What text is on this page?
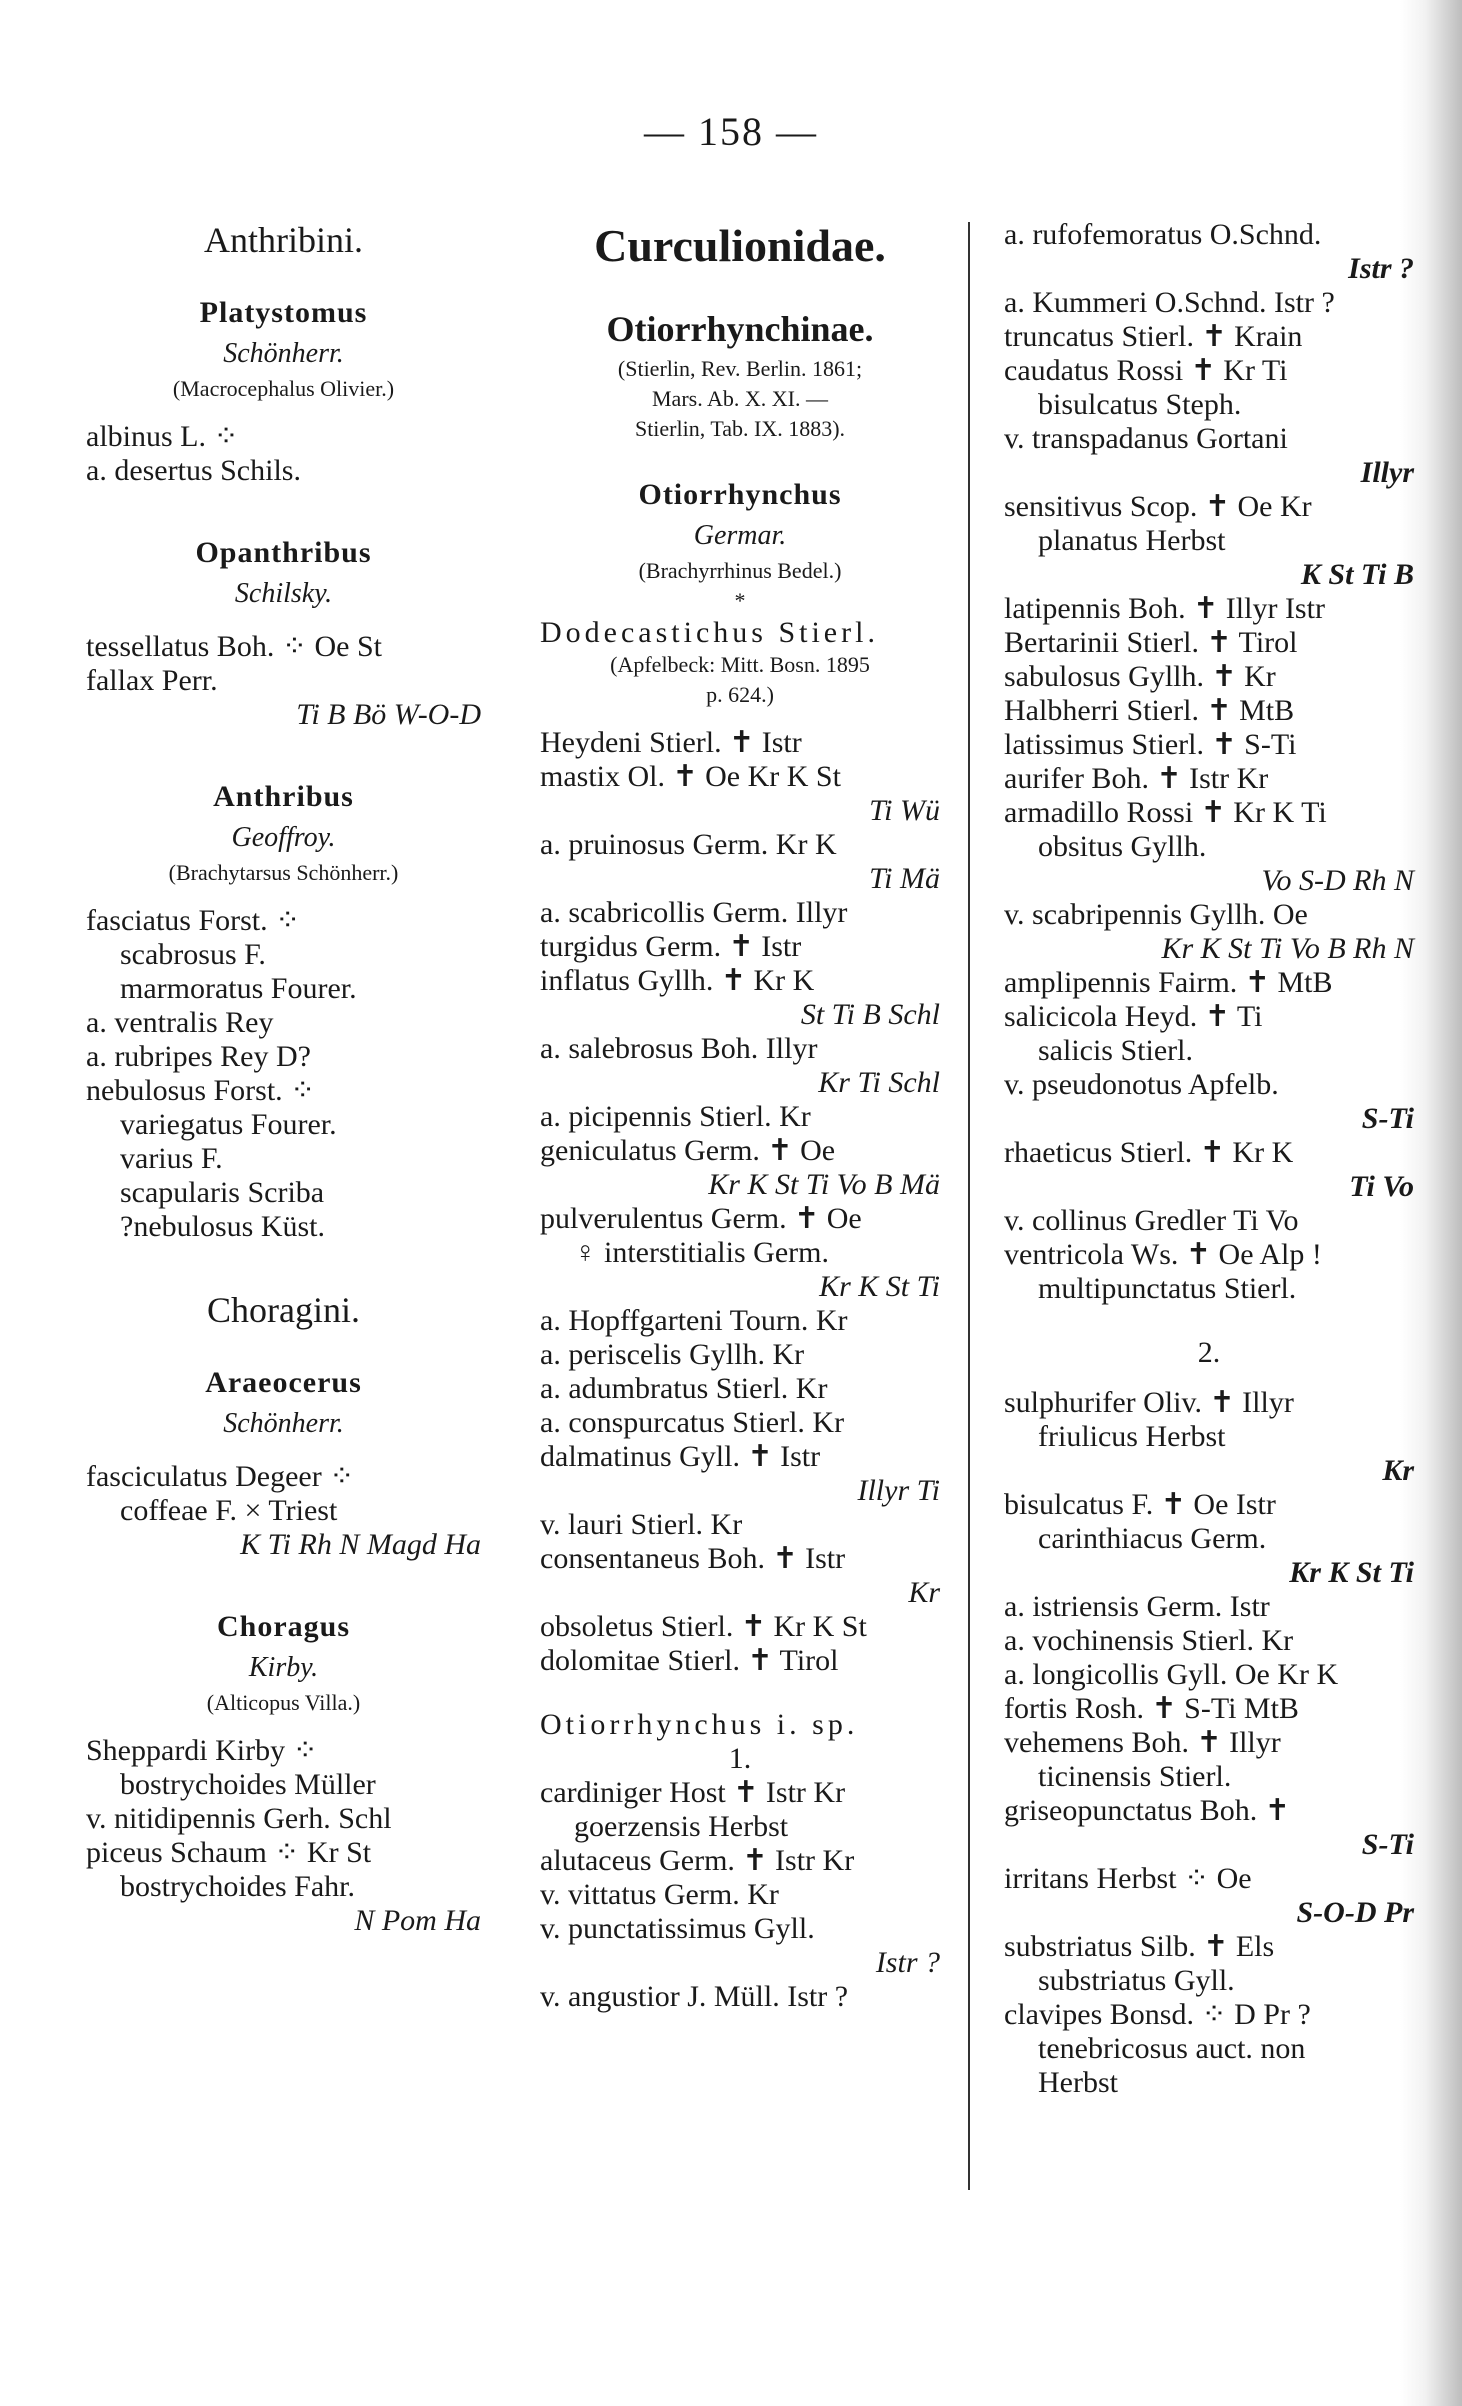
— 158 —
Anthribini.
Platystomus
Schönherr.
(Macrocephalus Olivier.)
albinus L. ⁘
a. desertus Schils.
Opanthribus
Schilsky.
tessellatus Boh. ⁘ Oe St
fallax Perr.
Ti B Bö W-O-D
Anthribus
Geoffroy.
(Brachytarsus Schönherr.)
fasciatus Forst. ⁘
scabrosus F.
marmoratus Fourer.
a. ventralis Rey
a. rubripes Rey D?
nebulosus Forst. ⁘
variegatus Fourer.
varius F.
scapularis Scriba
?nebulosus Küst.
Choragini.
Araeocerus
Schönherr.
fasciculatus Degeer ⁘
coffeae F. × Triest
K Ti Rh N Magd Ha
Choragus
Kirby.
(Alticopus Villa.)
Sheppardi Kirby ⁘
bostrychoides Müller
v. nitidipennis Gerh. Schl
piceus Schaum ⁘ Kr St
bostrychoides Fahr.
N Pom Ha
Curculionidae.
Otiorrhynchinae.
(Stierlin, Rev. Berlin. 1861;
Mars. Ab. X. XI. —
Stierlin, Tab. IX. 1883).
Otiorrhynchus
Germar.
(Brachyrrhinus Bedel.)
*
Dodecastichus Stierl.
(Apfelbeck: Mitt. Bosn. 1895
p. 624.)
Heydeni Stierl. ✝ Istr
mastix Ol. ✝ Oe Kr K St
Ti Wü
a. pruinosus Germ. Kr K
Ti Mä
a. scabricollis Germ. Illyr
turgidus Germ. ✝ Istr
inflatus Gyllh. ✝ Kr K
St Ti B Schl
a. salebrosus Boh. Illyr
Kr Ti Schl
a. picipennis Stierl. Kr
geniculatus Germ. ✝ Oe
Kr K St Ti Vo B Mä
pulverulentus Germ. ✝ Oe
♀ interstitialis Germ.
Kr K St Ti
a. Hopffgarteni Tourn. Kr
a. periscelis Gyllh. Kr
a. adumbratus Stierl. Kr
a. conspurcatus Stierl. Kr
dalmatinus Gyll. ✝ Istr
Illyr Ti
v. lauri Stierl. Kr
consentaneus Boh. ✝ Istr
Kr
obsoletus Stierl. ✝ Kr K St
dolomitae Stierl. ✝ Tirol
Otiorrhynchus i. sp.
1.
cardiniger Host ✝ Istr Kr
goerzensis Herbst
alutaceus Germ. ✝ Istr Kr
v. vittatus Germ. Kr
v. punctatissimus Gyll.
Istr ?
v. angustior J. Müll. Istr ?
a. rufofemoratus O.Schnd.
Istr ?
a. Kummeri O.Schnd. Istr ?
truncatus Stierl. ✝ Krain
caudatus Rossi ✝ Kr Ti
bisulcatus Steph.
v. transpadanus Gortani
Illyr
sensitivus Scop. ✝ Oe Kr
planatus Herbst
K St Ti B
latipennis Boh. ✝ Illyr Istr
Bertarinii Stierl. ✝ Tirol
sabulosus Gyllh. ✝ Kr
Halbherri Stierl. ✝ MtB
latissimus Stierl. ✝ S-Ti
aurifer Boh. ✝ Istr Kr
armadillo Rossi ✝ Kr K Ti
obsitus Gyllh.
Vo S-D Rh N
v. scabripennis Gyllh. Oe
Kr K St Ti Vo B Rh N
amplipennis Fairm. ✝ MtB
salicicola Heyd. ✝ Ti
salicis Stierl.
v. pseudonotus Apfelb.
S-Ti
rhaeticus Stierl. ✝ Kr K
Ti Vo
v. collinus Gredler Ti Vo
ventricola Ws. ✝ Oe Alp !
multipunctatus Stierl.
2.
sulphurifer Oliv. ✝ Illyr
friulicus Herbst
Kr
bisulcatus F. ✝ Oe Istr
carinthiacus Germ.
Kr K St Ti
a. istriensis Germ. Istr
a. vochinensis Stierl. Kr
a. longicollis Gyll. Oe Kr K
fortis Rosh. ✝ S-Ti MtB
vehemens Boh. ✝ Illyr
ticinensis Stierl.
griseopunctatus Boh. ✝
S-Ti
irritans Herbst ⁘ Oe
S-O-D Pr
substriatus Silb. ✝ Els
substriatus Gyll.
clavipes Bonsd. ⁘ D Pr ?
tenebricosus auct. non
Herbst
